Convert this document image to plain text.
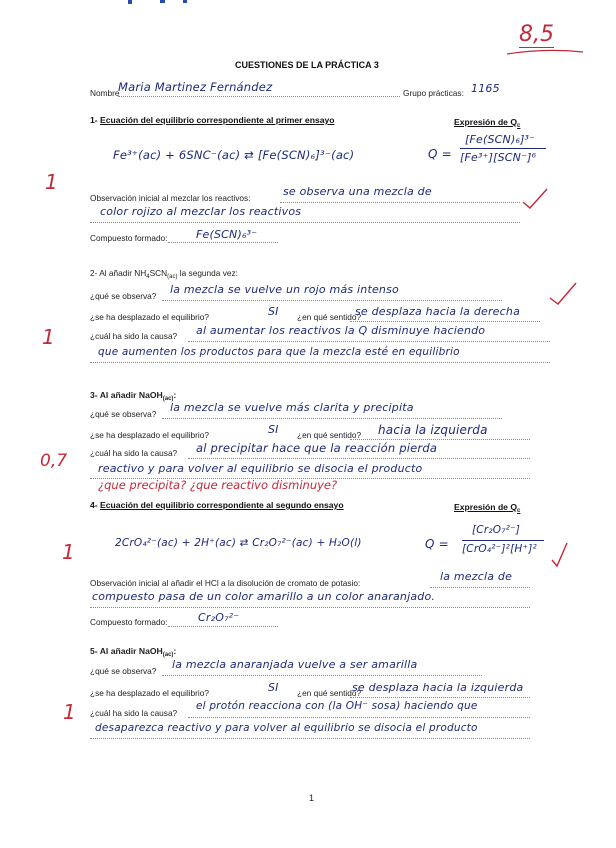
8,5
CUESTIONES DE LA PRÁCTICA 3
Nombre
Maria Martinez Fernández	Grupo prácticas: 1165
1- Ecuación del equilibrio correspondiente al primer ensayo	Expresión de $Q_c$
Fe³⁺(ac) + 6SNC⁻(ac) ⇄ [Fe(SCN)₆]³⁻(ac)	Q =
[Fe(SCN)₆]³⁻
[Fe³⁺][SCN⁻]⁶
1
Observación inicial al mezclar los reactivos:	se observa una mezcla de
color rojizo al mezclar los reactivos
Compuesto formado:	Fe(SCN)₆³⁻
2- Al añadir $NH_4SCN_{(ac)}$ la segunda vez:
¿qué se observa? la mezcla se vuelve un rojo más intenso
¿se ha desplazado el equilibrio?	SI ¿en qué sentido?
se desplaza hacia la derecha
1	¿cuál ha sido la causa? al aumentar los reactivos la Q disminuye haciendo
que aumenten los productos para que la mezcla esté en equilibrio
3- Al añadir NaOH$_{(ac)}$:
¿qué se observa? la mezcla se vuelve más clarita y precipita
¿se ha desplazado el equilibrio?	SI ¿en qué sentido? hacia la izquierda
0,7	¿cuál ha sido la causa? al precipitar hace que la reacción pierda
reactivo y para volver al equilibrio se disocia el producto
¿que precipita? ¿que reactivo disminuye?
4- Ecuación del equilibrio correspondiente al segundo ensayo	Expresión de $Q_c$
2CrO₄²⁻(ac) + 2H⁺(ac) ⇄ Cr₂O₇²⁻(ac) + H₂O(l)	Q =
[Cr₂O₇²⁻]
[CrO₄²⁻]²[H⁺]²
1
Observación inicial al añadir el HCl a la disolución de cromato de potasio:	la mezcla de
compuesto pasa de un color amarillo a un color anaranjado.
Compuesto formado:	Cr₂O₇²⁻
5- Al añadir NaOH$_{(ac)}$:
¿qué se observa? la mezcla anaranjada vuelve a ser amarilla
¿se ha desplazado el equilibrio?	SI ¿en qué sentido?
se desplaza hacia la izquierda
1 ¿cuál ha sido la causa?
el protón reacciona con (la OH⁻ sosa) haciendo que
desaparezca reactivo y para volver al equilibrio se disocia el producto
1
